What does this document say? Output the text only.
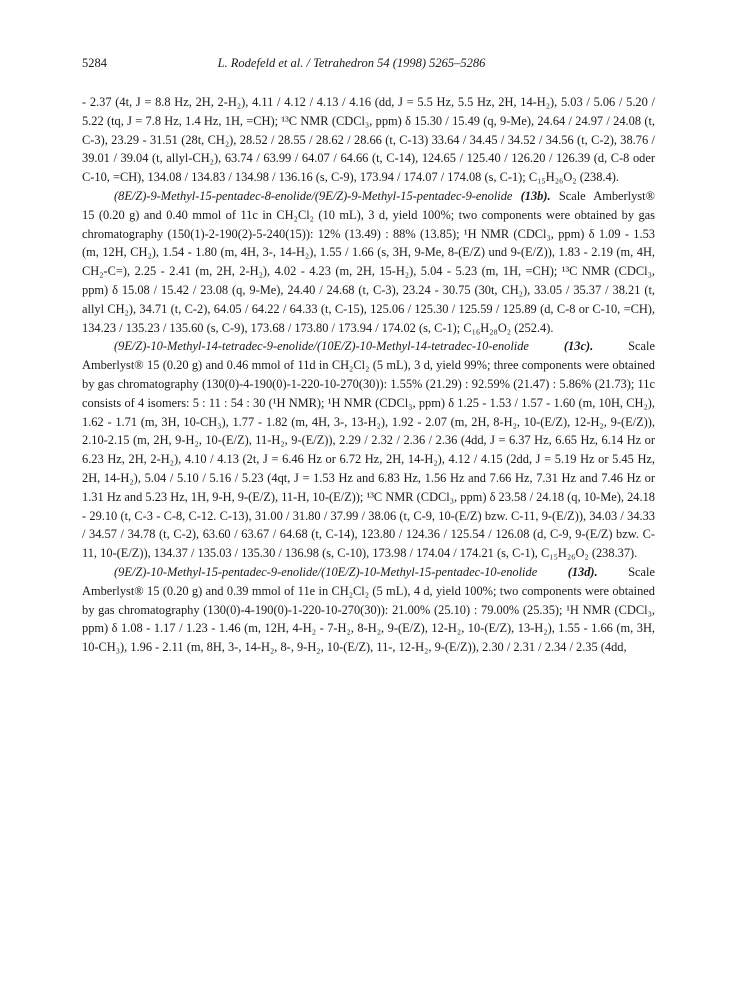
5284	L. Rodefeld et al. / Tetrahedron 54 (1998) 5265–5286

- 2.37 (4t, J = 8.8 Hz, 2H, 2-H₂), 4.11 / 4.12 / 4.13 / 4.16 (dd, J = 5.5 Hz, 5.5 Hz, 2H, 14-H₂), 5.03 / 5.06 / 5.20 / 5.22 (tq, J = 7.8 Hz, 1.4 Hz, 1H, =CH); ¹³C NMR (CDCl₃, ppm) δ 15.30 / 15.49 (q, 9-Me), 24.64 / 24.97 / 24.08 (t, C-3), 23.29 - 31.51 (28t, CH₂), 28.52 / 28.55 / 28.62 / 28.66 (t, C-13) 33.64 / 34.45 / 34.52 / 34.56 (t, C-2), 38.76 / 39.01 / 39.04 (t, allyl-CH₂), 63.74 / 63.99 / 64.07 / 64.66 (t, C-14), 124.65 / 125.40 / 126.20 / 126.39 (d, C-8 oder C-10, =CH), 134.08 / 134.83 / 134.98 / 136.16 (s, C-9), 173.94 / 174.07 / 174.08 (s, C-1); C₁₅H₂₆O₂ (238.4).

(8E/Z)-9-Methyl-15-pentadec-8-enolide/(9E/Z)-9-Methyl-15-pentadec-9-enolide (13b). Scale Amberlyst® 15 (0.20 g) and 0.40 mmol of 11c in CH₂Cl₂ (10 mL), 3 d, yield 100%; two components were obtained by gas chromatography (150(1)-2-190(2)-5-240(15)): 12% (13.49) : 88% (13.85); ¹H NMR (CDCl₃, ppm) δ 1.09 - 1.53 (m, 12H, CH₂), 1.54 - 1.80 (m, 4H, 3-, 14-H₂), 1.55 / 1.66 (s, 3H, 9-Me, 8-(E/Z) und 9-(E/Z)), 1.83 - 2.19 (m, 4H, CH₂-C=), 2.25 - 2.41 (m, 2H, 2-H₂), 4.02 - 4.23 (m, 2H, 15-H₂), 5.04 - 5.23 (m, 1H, =CH); ¹³C NMR (CDCl₃, ppm) δ 15.08 / 15.42 / 23.08 (q, 9-Me), 24.40 / 24.68 (t, C-3), 23.24 - 30.75 (30t, CH₂), 33.05 / 35.37 / 38.21 (t, allyl CH₂), 34.71 (t, C-2), 64.05 / 64.22 / 64.33 (t, C-15), 125.06 / 125.30 / 125.59 / 125.89 (d, C-8 or C-10, =CH), 134.23 / 135.23 / 135.60 (s, C-9), 173.68 / 173.80 / 173.94 / 174.02 (s, C-1); C₁₆H₂₈O₂ (252.4).

(9E/Z)-10-Methyl-14-tetradec-9-enolide/(10E/Z)-10-Methyl-14-tetradec-10-enolide	(13c).	Scale Amberlyst® 15 (0.20 g) and 0.46 mmol of 11d in CH₂Cl₂ (5 mL), 3 d, yield 99%; three components were obtained by gas chromatography (130(0)-4-190(0)-1-220-10-270(30)): 1.55% (21.29) : 92.59% (21.47) : 5.86% (21.73); 11c consists of 4 isomers: 5 : 11 : 54 : 30 (¹H NMR); ¹H NMR (CDCl₃, ppm) δ 1.25 - 1.53 / 1.57 - 1.60 (m, 10H, CH₂), 1.62 - 1.71 (m, 3H, 10-CH₃), 1.77 - 1.82 (m, 4H, 3-, 13-H₂), 1.92 - 2.07 (m, 2H, 8-H₂, 10-(E/Z), 12-H₂, 9-(E/Z)), 2.10-2.15 (m, 2H, 9-H₂, 10-(E/Z), 11-H₂, 9-(E/Z)), 2.29 / 2.32 / 2.36 / 2.36 (4dd, J = 6.37 Hz, 6.65 Hz, 6.14 Hz or 6.23 Hz, 2H, 2-H₂), 4.10 / 4.13 (2t, J = 6.46 Hz or 6.72 Hz, 2H, 14-H₂), 4.12 / 4.15 (2dd, J = 5.19 Hz or 5.45 Hz, 2H, 14-H₂), 5.04 / 5.10 / 5.16 / 5.23 (4qt, J = 1.53 Hz and 6.83 Hz, 1.56 Hz and 7.66 Hz, 7.31 Hz and 7.46 Hz or 1.31 Hz and 5.23 Hz, 1H, 9-H, 9-(E/Z), 11-H, 10-(E/Z)); ¹³C NMR (CDCl₃, ppm) δ 23.58 / 24.18 (q, 10-Me), 24.18 - 29.10 (t, C-3 - C-8, C-12. C-13), 31.00 / 31.80 / 37.99 / 38.06 (t, C-9, 10-(E/Z) bzw. C-11, 9-(E/Z)), 34.03 / 34.33 / 34.57 / 34.78 (t, C-2), 63.60 / 63.67 / 64.68 (t, C-14), 123.80 / 124.36 / 125.54 / 126.08 (d, C-9, 9-(E/Z) bzw. C-11, 10-(E/Z)), 134.37 / 135.03 / 135.30 / 136.98 (s, C-10), 173.98 / 174.04 / 174.21 (s, C-1), C₁₅H₂₆O₂ (238.37).

(9E/Z)-10-Methyl-15-pentadec-9-enolide/(10E/Z)-10-Methyl-15-pentadec-10-enolide (13d). Scale Amberlyst® 15 (0.20 g) and 0.39 mmol of 11e in CH₂Cl₂ (5 mL), 4 d, yield 100%; two components were obtained by gas chromatography (130(0)-4-190(0)-1-220-10-270(30)): 21.00% (25.10) : 79.00% (25.35); ¹H NMR (CDCl₃, ppm) δ 1.08 - 1.17 / 1.23 - 1.46 (m, 12H, 4-H₂ - 7-H₂, 8-H₂, 9-(E/Z), 12-H₂, 10-(E/Z), 13-H₂), 1.55 - 1.66 (m, 3H, 10-CH₃), 1.96 - 2.11 (m, 8H, 3-, 14-H₂, 8-, 9-H₂, 10-(E/Z), 11-, 12-H₂, 9-(E/Z)), 2.30 / 2.31 / 2.34 / 2.35 (4dd,
